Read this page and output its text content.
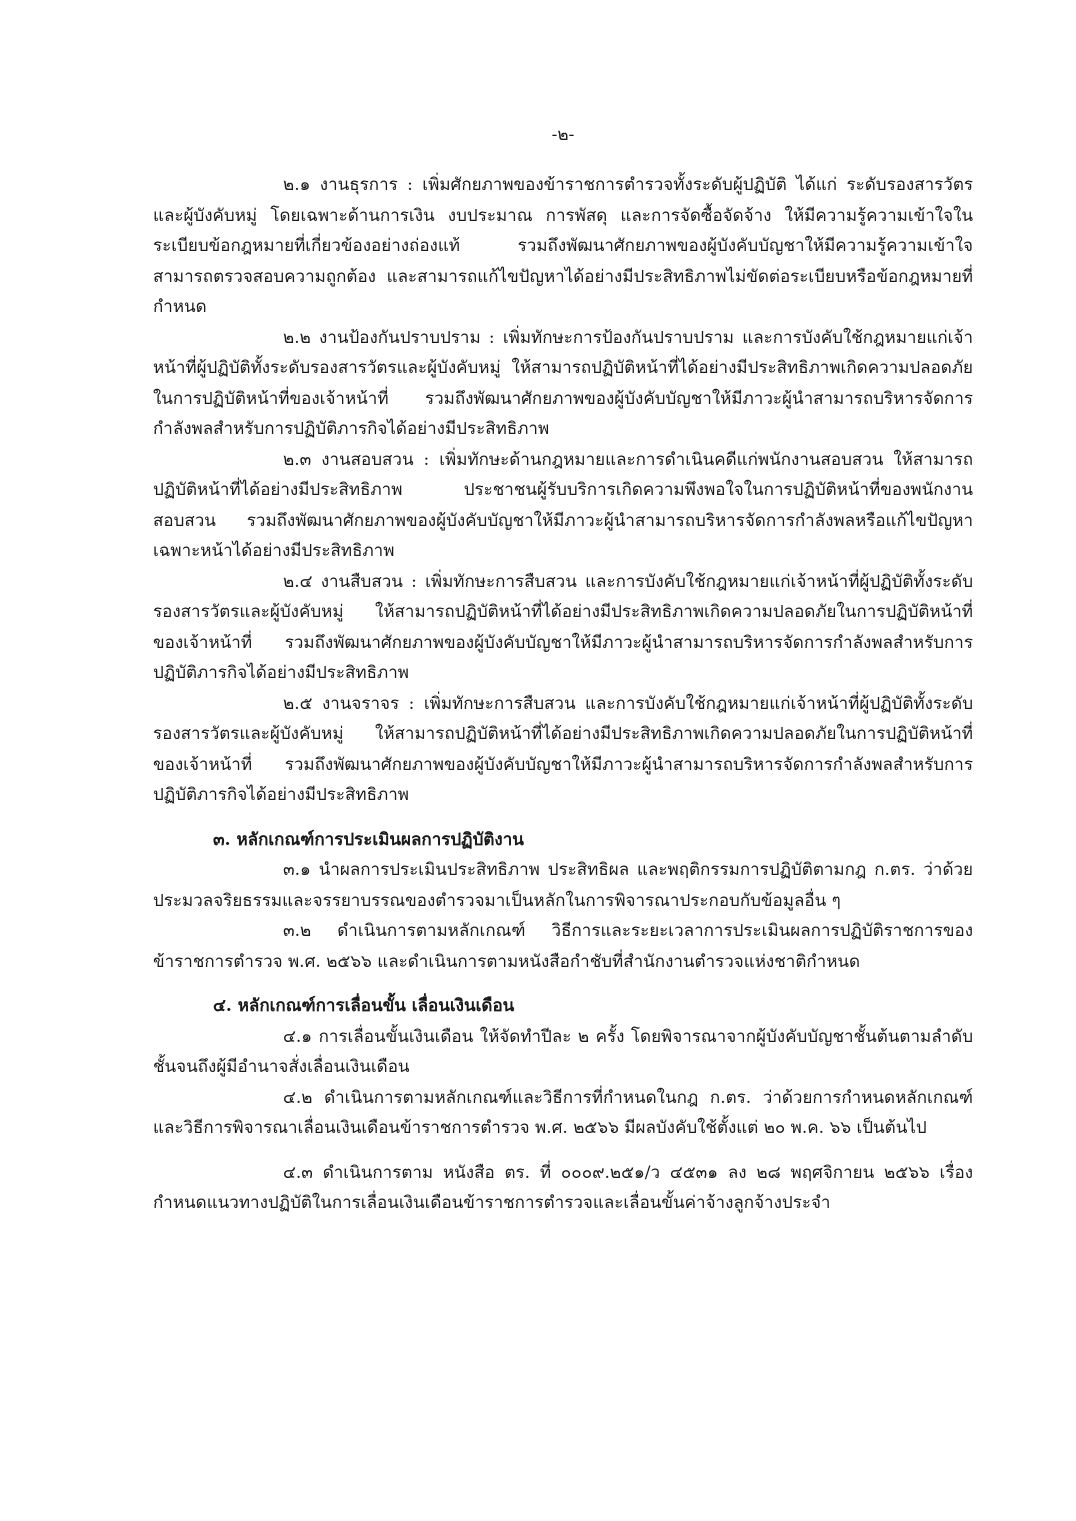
-๒-

๒.๑ งานธุรการ : เพิ่มศักยภาพของข้าราชการตำรวจทั้งระดับผู้ปฏิบัติ ได้แก่ ระดับรองสารวัตรและผู้บังคับหมู่ โดยเฉพาะด้านการเงิน งบประมาณ การพัสดุ และการจัดซื้อจัดจ้าง ให้มีความรู้ความเข้าใจในระเบียบข้อกฎหมายที่เกี่ยวข้องอย่างถ่องแท้ รวมถึงพัฒนาศักยภาพของผู้บังคับบัญชาให้มีความรู้ความเข้าใจสามารถตรวจสอบความถูกต้อง และสามารถแก้ไขปัญหาได้อย่างมีประสิทธิภาพไม่ขัดต่อระเบียบหรือข้อกฎหมายที่กำหนด

๒.๒ งานป้องกันปราบปราม : เพิ่มทักษะการป้องกันปราบปราม และการบังคับใช้กฎหมายแก่เจ้าหน้าที่ผู้ปฏิบัติทั้งระดับรองสารวัตรและผู้บังคับหมู่ ให้สามารถปฏิบัติหน้าที่ได้อย่างมีประสิทธิภาพเกิดความปลอดภัยในการปฏิบัติหน้าที่ของเจ้าหน้าที่ รวมถึงพัฒนาศักยภาพของผู้บังคับบัญชาให้มีภาวะผู้นำสามารถบริหารจัดการกำลังพลสำหรับการปฏิบัติภารกิจได้อย่างมีประสิทธิภาพ

๒.๓ งานสอบสวน : เพิ่มทักษะด้านกฎหมายและการดำเนินคดีแก่พนักงานสอบสวน ให้สามารถปฏิบัติหน้าที่ได้อย่างมีประสิทธิภาพ ประชาชนผู้รับบริการเกิดความพึงพอใจในการปฏิบัติหน้าที่ของพนักงานสอบสวน รวมถึงพัฒนาศักยภาพของผู้บังคับบัญชาให้มีภาวะผู้นำสามารถบริหารจัดการกำลังพลหรือแก้ไขปัญหาเฉพาะหน้าได้อย่างมีประสิทธิภาพ

๒.๔ งานสืบสวน : เพิ่มทักษะการสืบสวน และการบังคับใช้กฎหมายแก่เจ้าหน้าที่ผู้ปฏิบัติทั้งระดับรองสารวัตรและผู้บังคับหมู่ ให้สามารถปฏิบัติหน้าที่ได้อย่างมีประสิทธิภาพเกิดความปลอดภัยในการปฏิบัติหน้าที่ของเจ้าหน้าที่ รวมถึงพัฒนาศักยภาพของผู้บังคับบัญชาให้มีภาวะผู้นำสามารถบริหารจัดการกำลังพลสำหรับการปฏิบัติภารกิจได้อย่างมีประสิทธิภาพ

๒.๕ งานจราจร : เพิ่มทักษะการสืบสวน และการบังคับใช้กฎหมายแก่เจ้าหน้าที่ผู้ปฏิบัติทั้งระดับรองสารวัตรและผู้บังคับหมู่ ให้สามารถปฏิบัติหน้าที่ได้อย่างมีประสิทธิภาพเกิดความปลอดภัยในการปฏิบัติหน้าที่ของเจ้าหน้าที่ รวมถึงพัฒนาศักยภาพของผู้บังคับบัญชาให้มีภาวะผู้นำสามารถบริหารจัดการกำลังพลสำหรับการปฏิบัติภารกิจได้อย่างมีประสิทธิภาพ

๓. หลักเกณฑ์การประเมินผลการปฏิบัติงาน

๓.๑ นำผลการประเมินประสิทธิภาพ ประสิทธิผล และพฤติกรรมการปฏิบัติตามกฎ ก.ตร. ว่าด้วยประมวลจริยธรรมและจรรยาบรรณของตำรวจมาเป็นหลักในการพิจารณาประกอบกับข้อมูลอื่น ๆ

๓.๒ ดำเนินการตามหลักเกณฑ์ วิธีการและระยะเวลาการประเมินผลการปฏิบัติราชการของข้าราชการตำรวจ พ.ศ. ๒๕๖๖ และดำเนินการตามหนังสือกำชับที่สำนักงานตำรวจแห่งชาติกำหนด

๔. หลักเกณฑ์การเลื่อนขั้น เลื่อนเงินเดือน

๔.๑ การเลื่อนขั้นเงินเดือน ให้จัดทำปีละ ๒ ครั้ง โดยพิจารณาจากผู้บังคับบัญชาชั้นต้นตามลำดับชั้นจนถึงผู้มีอำนาจสั่งเลื่อนเงินเดือน

๔.๒ ดำเนินการตามหลักเกณฑ์และวิธีการที่กำหนดในกฎ ก.ตร. ว่าด้วยการกำหนดหลักเกณฑ์และวิธีการพิจารณาเลื่อนเงินเดือนข้าราชการตำรวจ พ.ศ. ๒๕๖๖ มีผลบังคับใช้ตั้งแต่ ๒๐ พ.ค. ๖๖ เป็นต้นไป

๔.๓ ดำเนินการตาม หนังสือ ตร. ที่ ๐๐๐๙.๒๕๑/ว ๔๕๓๑ ลง ๒๘ พฤศจิกายน ๒๕๖๖ เรื่อง กำหนดแนวทางปฏิบัติในการเลื่อนเงินเดือนข้าราชการตำรวจและเลื่อนขั้นค่าจ้างลูกจ้างประจำ
